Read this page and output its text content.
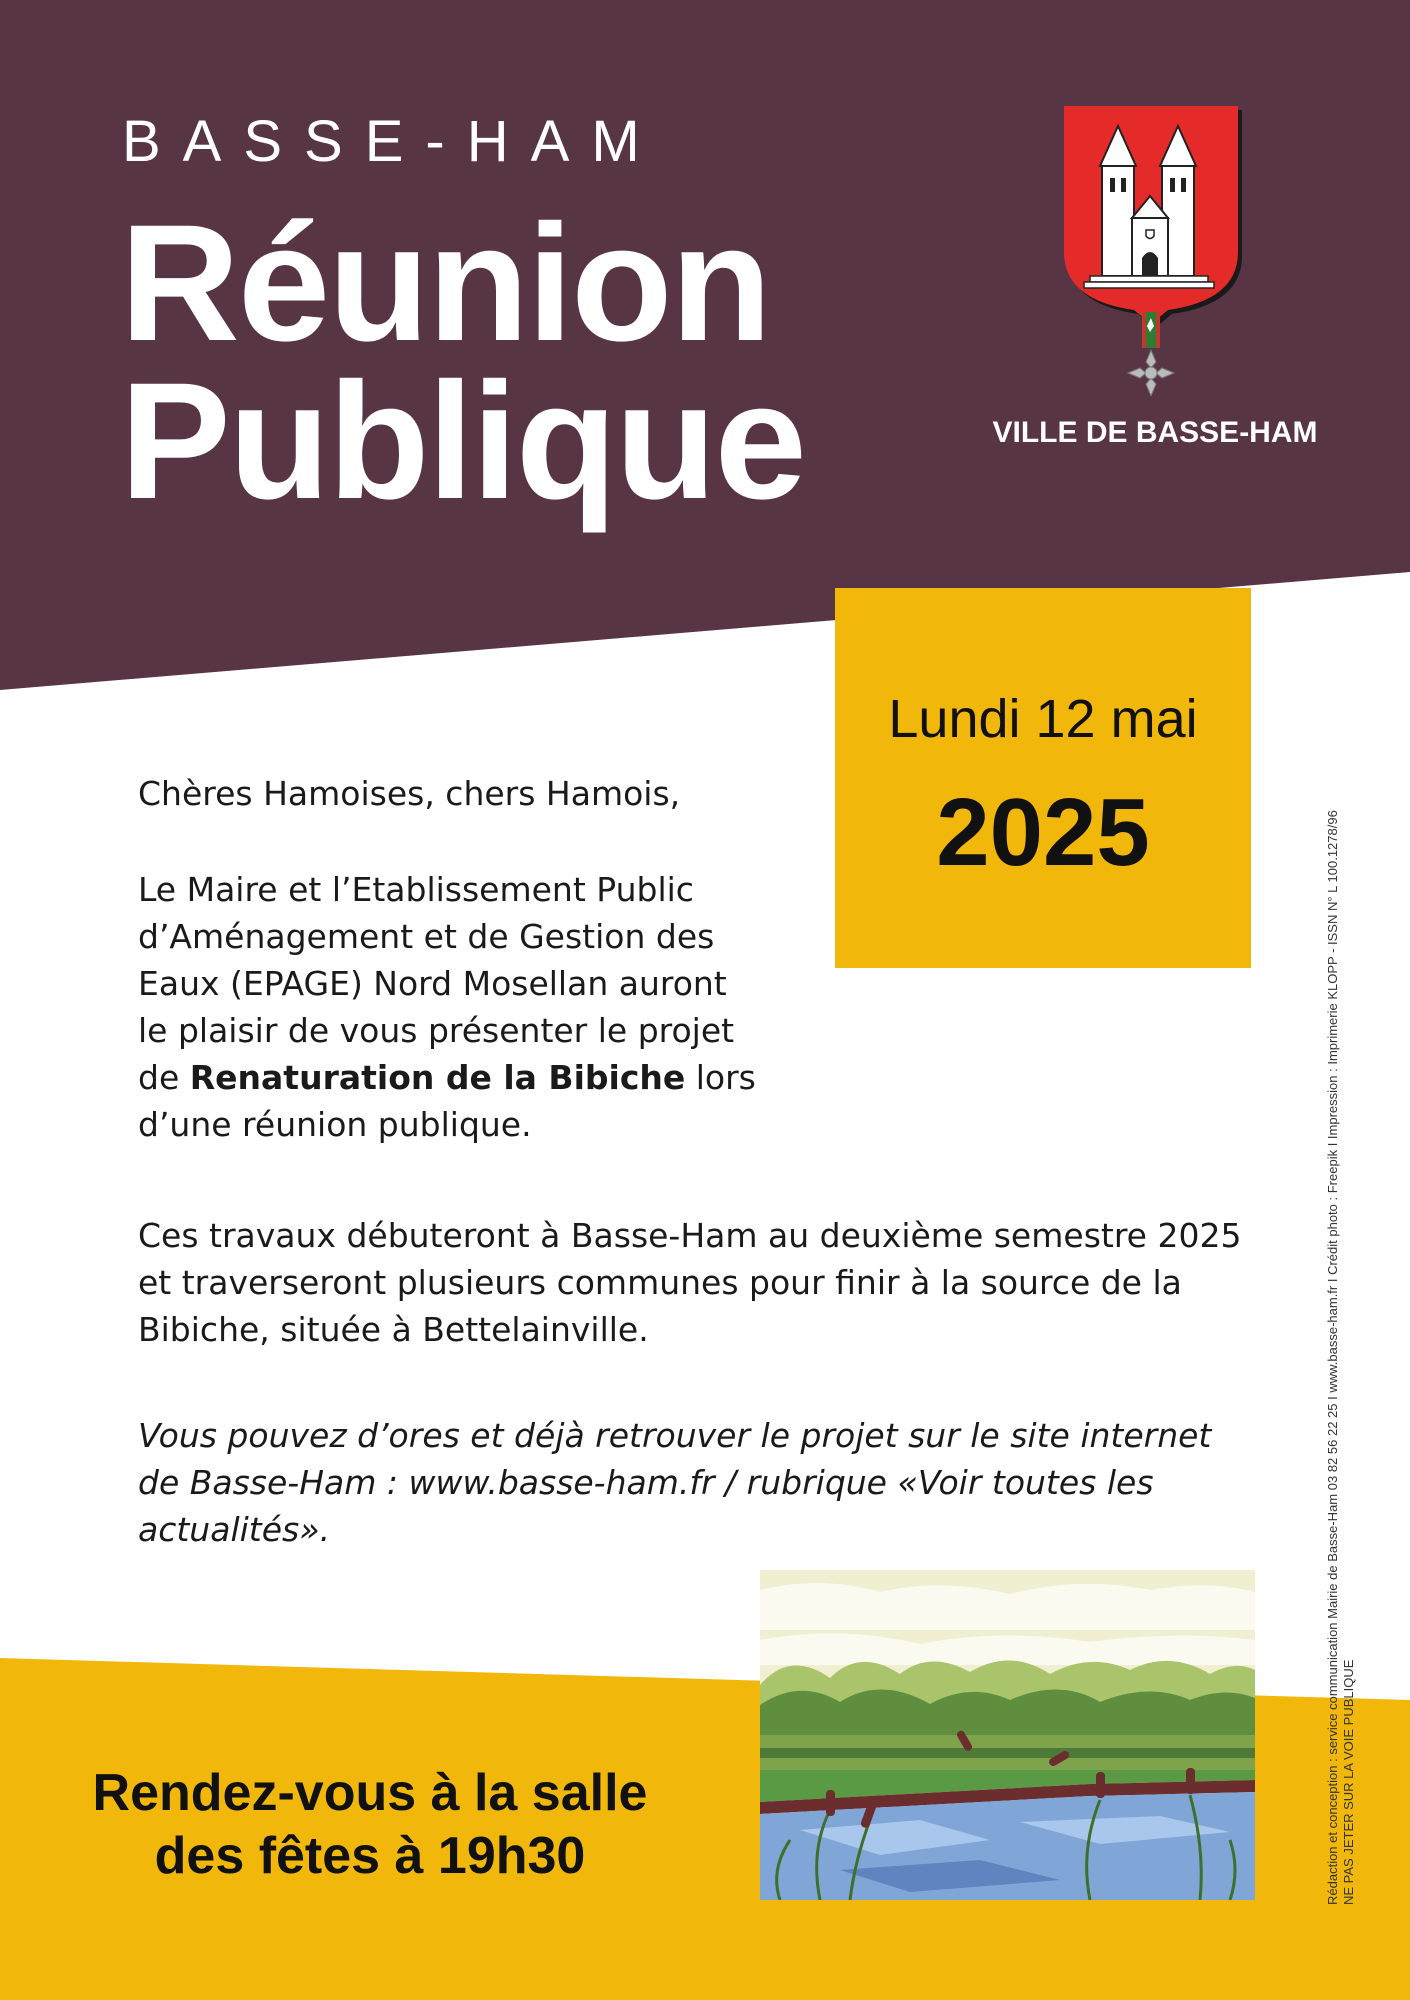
BASSE-HAM
Réunion
Publique	VILLE DE BASSE-HAM
Lundi 12 mai
2025
Chères Hamoises, chers Hamois,
Le Maire et l’Etablissement Public d’Aménagement et de Gestion des Eaux (EPAGE) Nord Mosellan auront le plaisir de vous présenter le projet de Renaturation de la Bibiche lors d’une réunion publique.
Ces travaux débuteront à Basse-Ham au deuxième semestre 2025 et traverseront plusieurs communes pour finir à la source de la Bibiche, située à Bettelainville.
Vous pouvez d’ores et déjà retrouver le projet sur le site internet de Basse-Ham : www.basse-ham.fr / rubrique «Voir toutes les actualités».
Rendez-vous à la salle
des fêtes à 19h30	Rédaction et conception : service communication Mairie de Basse-Ham 03 82 56 22 25 I www.basse-ham.fr I Crédit photo : Freepik I Impression : Imprimerie KLOPP - ISSN N° L 100.1278/96 NE PAS JETER SUR LA VOIE PUBLIQUE
